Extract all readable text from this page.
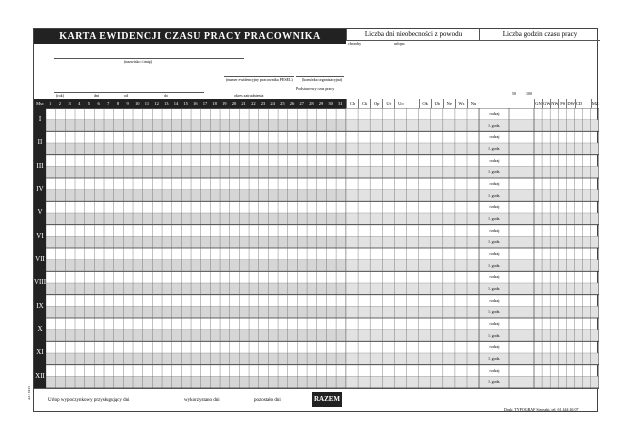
KARTA EWIDENCJI CZASU PRACY PRACOWNIKA	Liczba dni nieobecności z powodu	Liczba godzin czasu pracy
choroby	urlopu
(nazwisko i imię)
(numer ewidencyjny pracownika PESEL) (komórka organizacyjna)
Podstawowy czas pracy
(rok)	dni	od	do	okres zatrudnienia
Msc	1	2	3	4	5	6	7	8	9	10	11	12	13	14	15	16	17	18	19	20	21	22	23	24	25	26	27	28	29	30	31	Ch	Ck	Op	Ur	Uo	Ok	Ub	Ne	Ws	Nu	GN GW NW PS DW CD MZ
50	100
I
rodzaj
l. godz.
II
rodzaj
l. godz.
III
rodzaj
l. godz.
IV
rodzaj
l. godz.
V
rodzaj
l. godz.
VI
rodzaj
l. godz.
VII
rodzaj
l. godz.
VIII
rodzaj
l. godz.
IX
rodzaj
l. godz.
X
rodzaj
l. godz.
XI
rodzaj
l. godz.
XII
rodzaj
l. godz.
Urlop wypoczynkowy przysługujący dni	wykorzystano dni	pozostało dni	RAZEM
Druk: TYPOGRAF Stroszki, tel. 61 444 46 07
A3 / 0125
